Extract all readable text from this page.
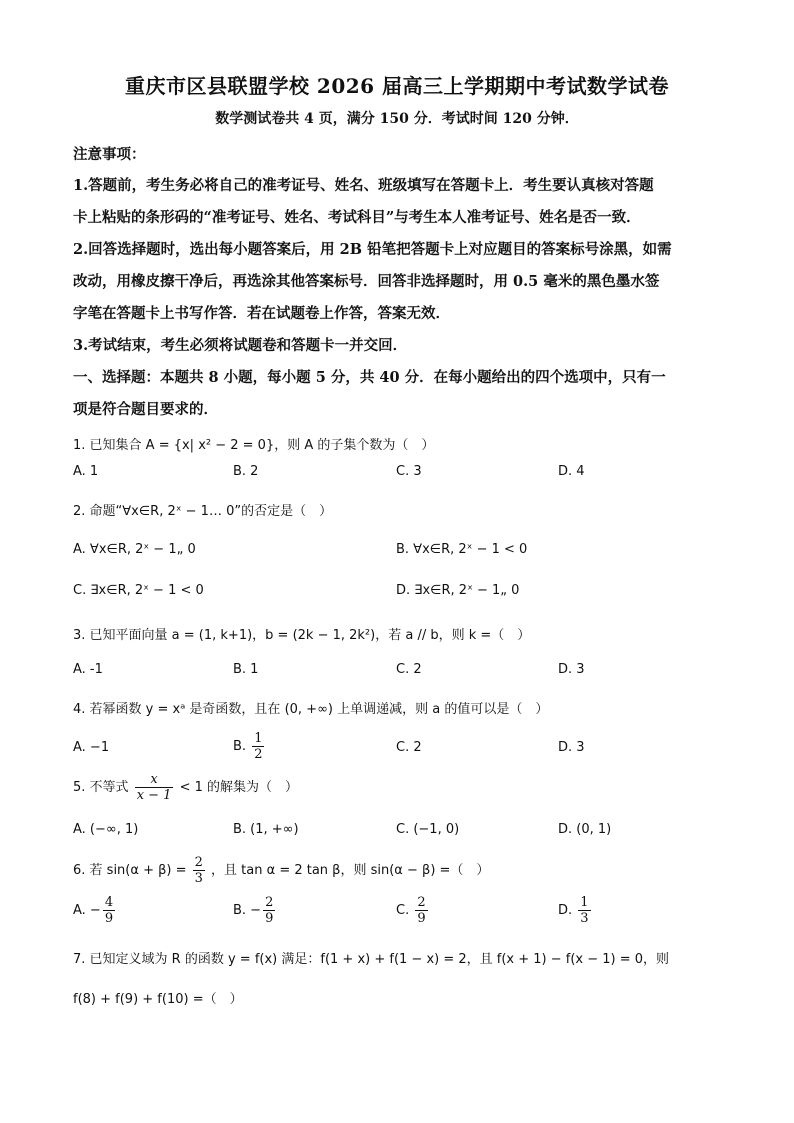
重庆市区县联盟学校 2026 届高三上学期期中考试数学试卷
数学测试卷共 4 页，满分 150 分．考试时间 120 分钟．
注意事项：
1.答题前，考生务必将自己的准考证号、姓名、班级填写在答题卡上．考生要认真核对答题
卡上粘贴的条形码的“准考证号、姓名、考试科目”与考生本人准考证号、姓名是否一致．
2.回答选择题时，选出每小题答案后，用 2B 铅笔把答题卡上对应题目的答案标号涂黑，如需
改动，用橡皮擦干净后，再选涂其他答案标号．回答非选择题时，用 0.5 毫米的黑色墨水签
字笔在答题卡上书写作答．若在试题卷上作答，答案无效．
3.考试结束，考生必须将试题卷和答题卡一并交回．
一、选择题：本题共 8 小题，每小题 5 分，共 40 分．在每小题给出的四个选项中，只有一
项是符合题目要求的．
1. 已知集合 A = {x| x² − 2 = 0}，则 A 的子集个数为（　）
A. 1	B. 2	C. 3	D. 4
2. 命题“∀x∈R, 2ˣ − 1… 0”的否定是（　）
A. ∀x∈R, 2ˣ − 1„ 0	B. ∀x∈R, 2ˣ − 1 < 0
C. ∃x∈R, 2ˣ − 1 < 0	D. ∃x∈R, 2ˣ − 1„ 0
3. 已知平面向量 a = (1, k+1)，b = (2k − 1, 2k²)，若 a // b，则 k =（　）
A. -1	B. 1	C. 2	D. 3
4. 若幂函数 y = xᵃ 是奇函数，且在 (0, +∞) 上单调递减，则 a 的值可以是（　）
A. −1	B. $\frac{1}{2}$	C. 2	D. 3
5. 不等式 $\frac{x}{x - 1} < 1$ 的解集为（　）
A. (−∞, 1)	B. (1, +∞)	C. (−1, 0)	D. (0, 1)
6. 若 $\sin(\alpha + \beta) = \frac{2}{3}$ ，且 tan α = 2 tan β，则 sin(α − β) =（　）
A. − $\frac{4}{9}$	B. − $\frac{2}{9}$	C. $\frac{2}{9}$	D. $\frac{1}{3}$
7. 已知定义域为 R 的函数 y = f(x) 满足：f(1 + x) + f(1 − x) = 2，且 f(x + 1) − f(x − 1) = 0，则
f(8) + f(9) + f(10) =（　）
